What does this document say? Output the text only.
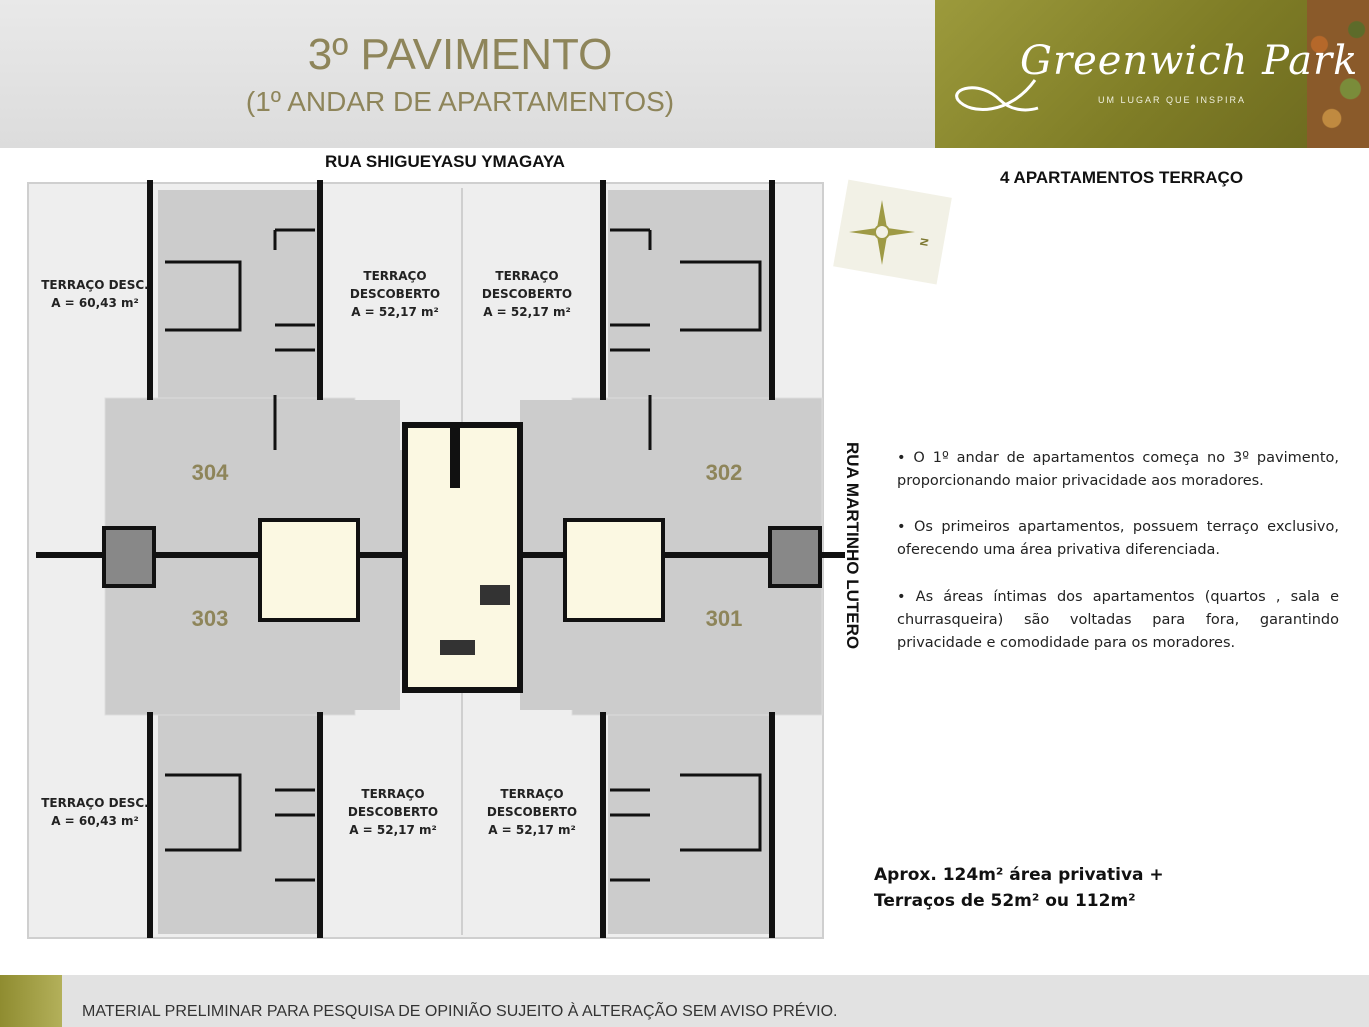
3º PAVIMENTO
(1º ANDAR DE APARTAMENTOS)
Greenwich Park
UM LUGAR QUE INSPIRA
304	302
303	301
TERRAÇO DESC.
A = 60,43 m²
TERRAÇO
DESCOBERTO
A = 52,17 m²
TERRAÇO
DESCOBERTO
A = 52,17 m²
TERRAÇO DESC.
A = 60,43 m²
TERRAÇO
DESCOBERTO
A = 52,17 m²
TERRAÇO
DESCOBERTO
A = 52,17 m²
N
RUA SHIGUEYASU YMAGAYA
RUA MARTINHO LUTERO
4 APARTAMENTOS TERRAÇO
• O 1º andar de apartamentos começa no 3º pavimento, proporcionando maior privacidade aos moradores.
• Os primeiros apartamentos, possuem terraço exclusivo, oferecendo uma área privativa diferenciada.
• As áreas íntimas dos apartamentos (quartos , sala e churrasqueira) são voltadas para fora, garantindo privacidade e comodidade para os moradores.
Aprox. 124m² área privativa +
Terraços de 52m² ou 112m²
MATERIAL PRELIMINAR PARA PESQUISA DE OPINIÃO SUJEITO À ALTERAÇÃO SEM AVISO PRÉVIO.
